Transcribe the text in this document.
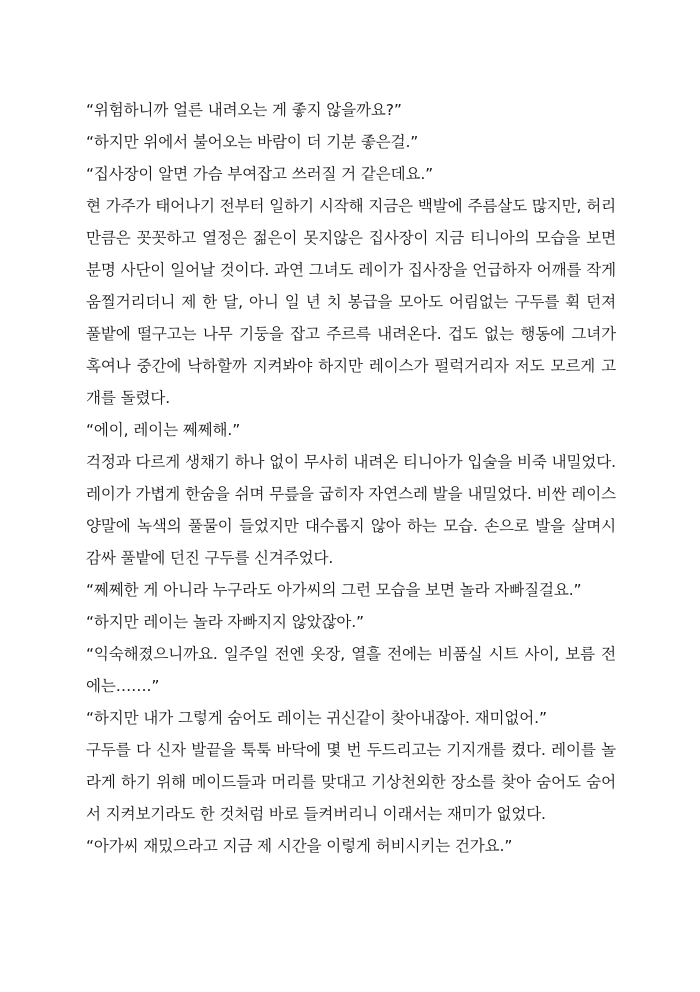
“위험하니까 얼른 내려오는 게 좋지 않을까요?”

“하지만 위에서 불어오는 바람이 더 기분 좋은걸.”

“집사장이 알면 가슴 부여잡고 쓰러질 거 같은데요.”

현 가주가 태어나기 전부터 일하기 시작해 지금은 백발에 주름살도 많지만, 허리만큼은 꼿꼿하고 열정은 젊은이 못지않은 집사장이 지금 티니아의 모습을 보면 분명 사단이 일어날 것이다. 과연 그녀도 레이가 집사장을 언급하자 어깨를 작게 움찔거리더니 제 한 달, 아니 일 년 치 봉급을 모아도 어림없는 구두를 휙 던져 풀밭에 떨구고는 나무 기둥을 잡고 주르륵 내려온다. 겁도 없는 행동에 그녀가 혹여나 중간에 낙하할까 지켜봐야 하지만 레이스가 펄럭거리자 저도 모르게 고개를 돌렸다.

“에이, 레이는 쩨쩨해.”

걱정과 다르게 생채기 하나 없이 무사히 내려온 티니아가 입술을 비죽 내밀었다. 레이가 가볍게 한숨을 쉬며 무릎을 굽히자 자연스레 발을 내밀었다. 비싼 레이스 양말에 녹색의 풀물이 들었지만 대수롭지 않아 하는 모습. 손으로 발을 살며시 감싸 풀밭에 던진 구두를 신겨주었다.

“쩨쩨한 게 아니라 누구라도 아가씨의 그런 모습을 보면 놀라 자빠질걸요.”

“하지만 레이는 놀라 자빠지지 않았잖아.”

“익숙해졌으니까요. 일주일 전엔 옷장, 열흘 전에는 비품실 시트 사이, 보름 전에는…….”

“하지만 내가 그렇게 숨어도 레이는 귀신같이 찾아내잖아. 재미없어.”

구두를 다 신자 발끝을 툭툭 바닥에 몇 번 두드리고는 기지개를 켰다. 레이를 놀라게 하기 위해 메이드들과 머리를 맞대고 기상천외한 장소를 찾아 숨어도 숨어서 지켜보기라도 한 것처럼 바로 들켜버리니 이래서는 재미가 없었다.

“아가씨 재밌으라고 지금 제 시간을 이렇게 허비시키는 건가요.”
